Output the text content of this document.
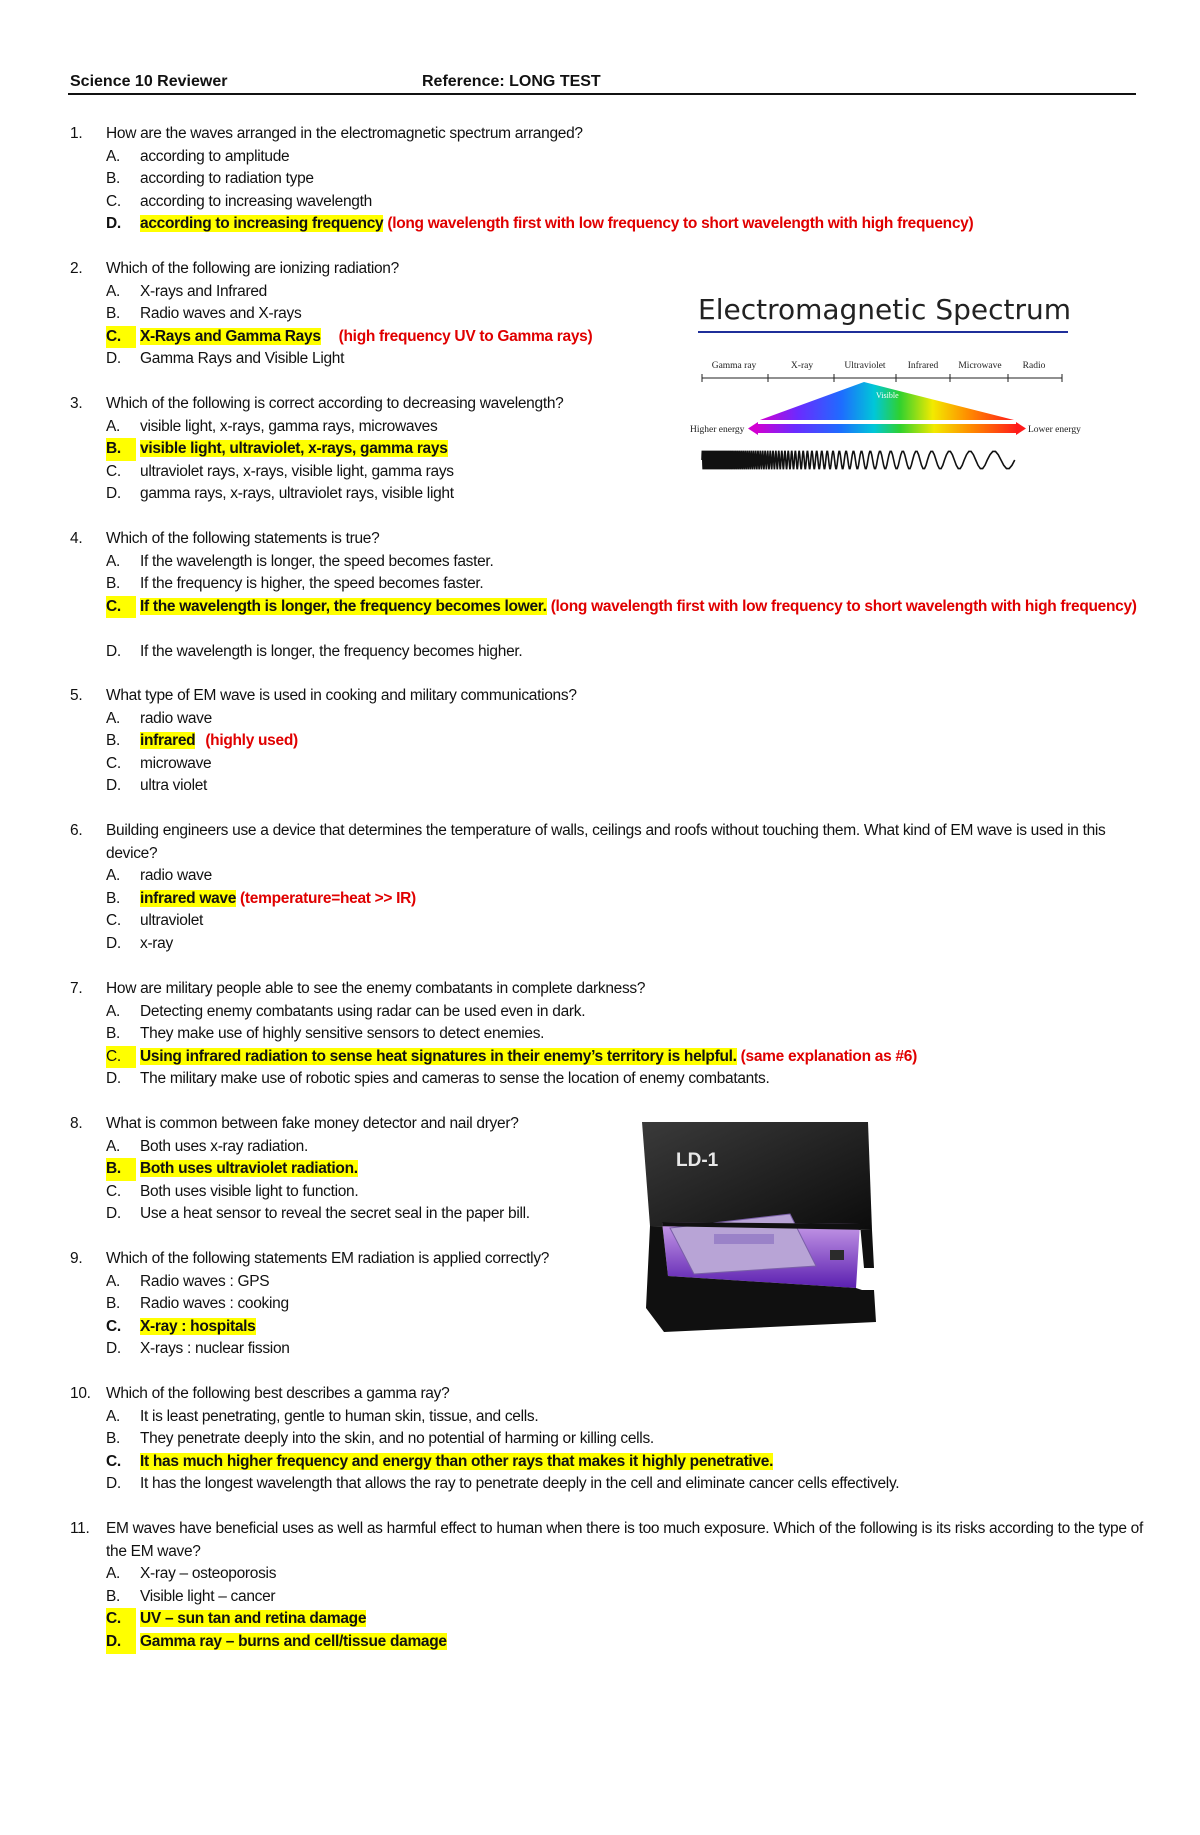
Science 10 Reviewer	Reference: LONG TEST
1.	How are the waves arranged in the electromagnetic spectrum arranged?
A.	according to amplitude
B.	according to radiation type
C.	according to increasing wavelength
D.	according to increasing frequency (long wavelength first with low frequency to short wavelength with high frequency)
2.	Which of the following are ionizing radiation?
A.	X-rays and Infrared
B.	Radio waves and X-rays
C.	X-Rays and Gamma Rays (high frequency UV to Gamma rays)
D.	Gamma Rays and Visible Light
3.	Which of the following is correct according to decreasing wavelength?
A.	visible light, x-rays, gamma rays, microwaves
B.	visible light, ultraviolet, x-rays, gamma rays
C.	ultraviolet rays, x-rays, visible light, gamma rays
D.	gamma rays, x-rays, ultraviolet rays, visible light
4.	Which of the following statements is true?
A.	If the wavelength is longer, the speed becomes faster.
B.	If the frequency is higher, the speed becomes faster.
C.	If the wavelength is longer, the frequency becomes lower. (long wavelength first with low frequency to short wavelength with high frequency)
D.	If the wavelength is longer, the frequency becomes higher.
5.	What type of EM wave is used in cooking and military communications?
A.	radio wave
B.	infrared (highly used)
C.	microwave
D.	ultra violet
6.	Building engineers use a device that determines the temperature of walls, ceilings and roofs without touching them. What kind of EM wave is used in this device?
A.	radio wave
B.	infrared wave (temperature=heat >> IR)
C.	ultraviolet
D.	x-ray
7.	How are military people able to see the enemy combatants in complete darkness?
A.	Detecting enemy combatants using radar can be used even in dark.
B.	They make use of highly sensitive sensors to detect enemies.
C.	Using infrared radiation to sense heat signatures in their enemy’s territory is helpful. (same explanation as #6)
D.	The military make use of robotic spies and cameras to sense the location of enemy combatants.
8.	What is common between fake money detector and nail dryer?
A.	Both uses x-ray radiation.
B.	Both uses ultraviolet radiation.
C.	Both uses visible light to function.
D.	Use a heat sensor to reveal the secret seal in the paper bill.
9.	Which of the following statements EM radiation is applied correctly?
A.	Radio waves : GPS
B.	Radio waves : cooking
C.	X-ray : hospitals
D.	X-rays : nuclear fission
10. Which of the following best describes a gamma ray?
A.	It is least penetrating, gentle to human skin, tissue, and cells.
B.	They penetrate deeply into the skin, and no potential of harming or killing cells.
C.	It has much higher frequency and energy than other rays that makes it highly penetrative.
D.	It has the longest wavelength that allows the ray to penetrate deeply in the cell and eliminate cancer cells effectively.
11.	EM waves have beneficial uses as well as harmful effect to human when there is too much exposure. Which of the following is its risks according to the type of the EM wave?
A.	X-ray – osteoporosis
B.	Visible light – cancer
C.	UV – sun tan and retina damage
D.	Gamma ray – burns and cell/tissue damage
Electromagnetic Spectrum
Gamma ray	X-ray	Ultraviolet Infrared Microwave Radio
Visible
Higher energy	Lower energy
LD-1
